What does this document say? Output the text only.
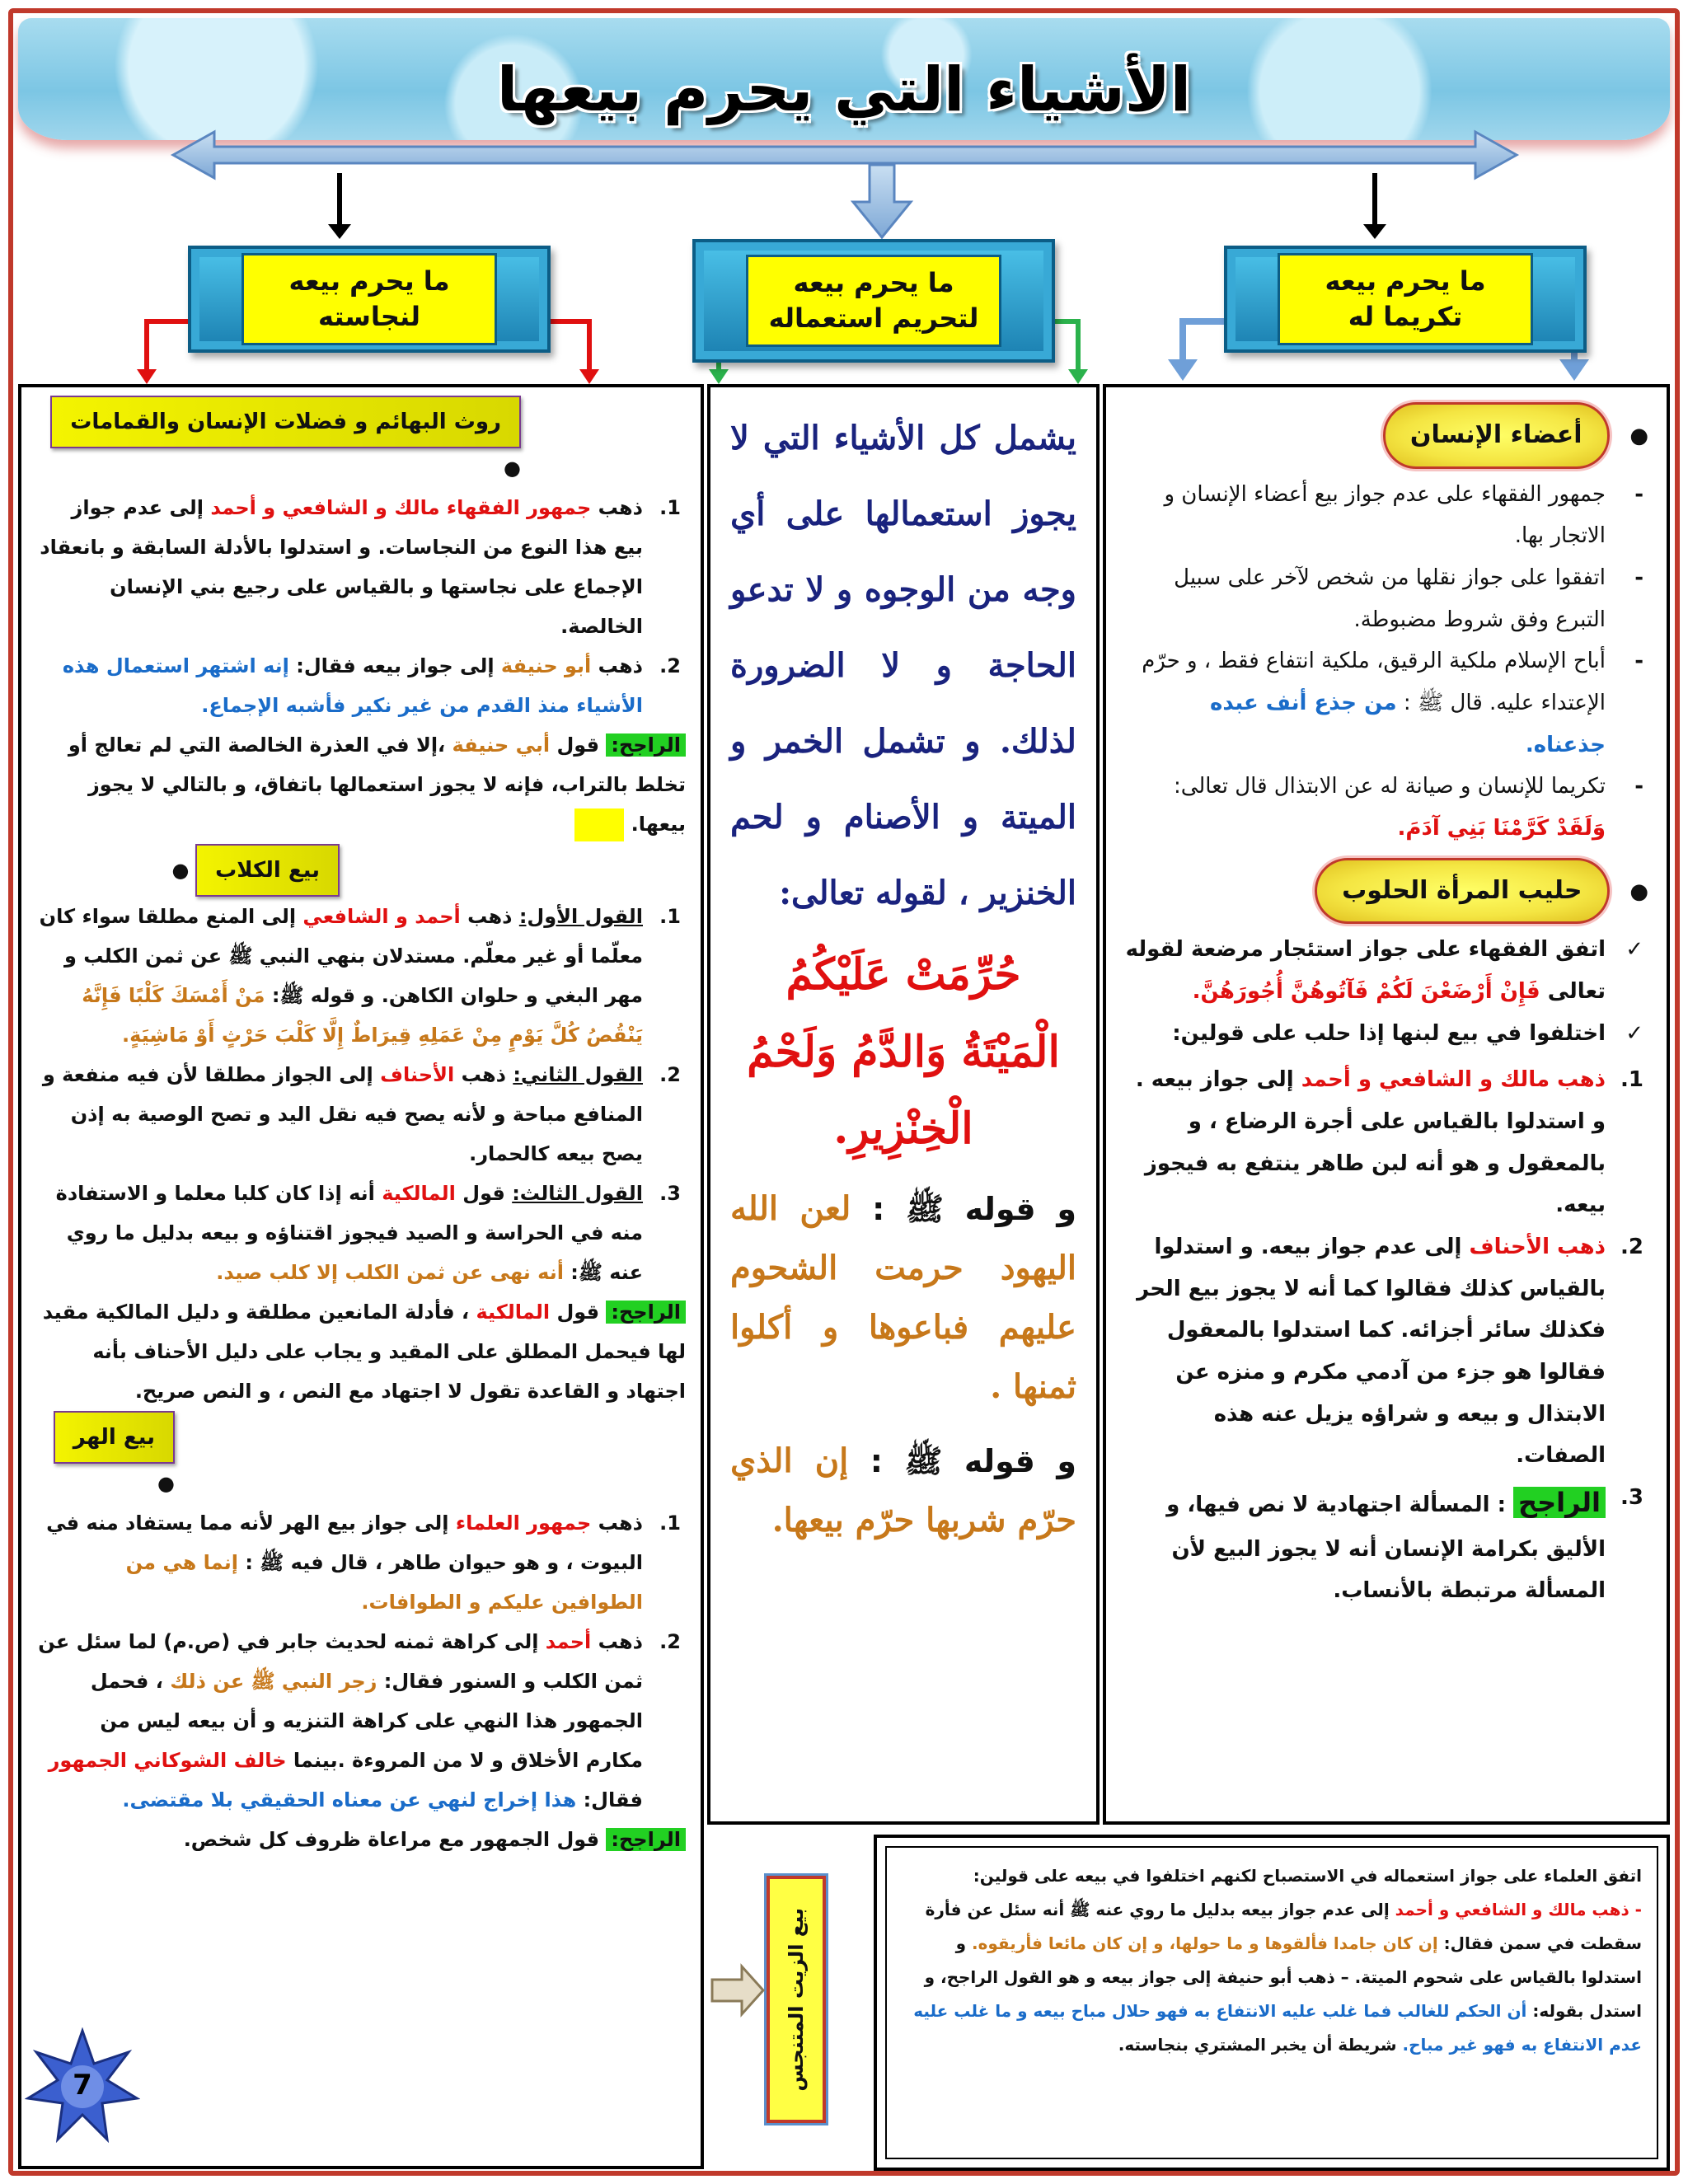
الأشياء التي يحرم بيعها
ما يحرم بيعه تكريما له
ما يحرم بيعه لتحريم استعماله
ما يحرم بيعه لنجاسته
●   أعضاء الإنسان
-
جمهور الفقهاء على عدم جواز بيع أعضاء الإنسان و الاتجار بها.
-
اتفقوا على جواز نقلها من شخص لآخر على سبيل التبرع وفق شروط مضبوطة.
-
أباح الإسلام ملكية الرقيق، ملكية انتفاع فقط ، و حرّم الإعتداء عليه. قال ﷺ : من جذع أنف عبده جذعناه.
-
تكريما للإنسان و صيانة له عن الابتذال قال تعالى:
وَلَقَدْ كَرَّمْنَا بَنِي آدَمَ.
●   حليب المرأة الحلوب
✓
اتفق الفقهاء على جواز استئجار مرضعة لقوله تعالى فَإِنْ أَرْضَعْنَ لَكُمْ فَآتُوهُنَّ أُجُورَهُنَّ.
✓
اختلفوا في بيع لبنها إذا حلب على قولين:
1.
ذهب مالك و الشافعي و أحمد إلى جواز بيعه . و استدلوا بالقياس على أجرة الرضاع ، و بالمعقول و هو أنه لبن طاهر ينتفع به فيجوز بيعه.
2.
ذهب الأحناف إلى عدم جواز بيعه. و استدلوا بالقياس كذلك فقالوا كما أنه لا يجوز بيع الحر فكذلك سائر أجزائه. كما استدلوا بالمعقول فقالوا هو جزء من آدمي مكرم و منزه عن الابتذال و بيعه و شراؤه يزيل عنه هذه الصفات.
3.
الراجح : المسألة اجتهادية لا نص فيها، و الأليق بكرامة الإنسان أنه لا يجوز البيع لأن المسألة مرتبطة بالأنساب.
يشمل كل الأشياء التي لا يجوز استعمالها على أي وجه من الوجوه و لا تدعو الحاجة و لا الضرورة لذلك. و تشمل الخمر و الميتة و الأصنام و لحم الخنزير ، لقوله تعالى:
حُرِّمَتْ عَلَيْكُمُ الْمَيْتَةُ وَالدَّمُ وَلَحْمُ الْخِنْزِيرِ.
و قوله ﷺ : لعن الله اليهود حرمت الشحوم عليهم فباعوها و أكلوا ثمنها .
و قوله ﷺ : إن الذي حرّم شربها حرّم بيعها.
روث البهائم و فضلات الإنسان والقمامات ●
1.
ذهب جمهور الفقهاء مالك و الشافعي و أحمد إلى عدم جواز بيع هذا النوع من النجاسات. و استدلوا بالأدلة السابقة و بانعقاد الإجماع على نجاستها و بالقياس على رجيع بني الإنسان الخالصة.
2.
ذهب أبو حنيفة إلى جواز بيعه فقال: إنه اشتهر استعمال هذه الأشياء منذ القدم من غير نكير فأشبه الإجماع.
الراجح: قول أبي حنيفة ،إلا في العذرة الخالصة التي لم تعالج أو تخلط بالتراب، فإنه لا يجوز استعمالها باتفاق، و بالتالي لا يجوز بيعها.
بيع الكلاب ●
1.
القول الأول: ذهب أحمد و الشافعي إلى المنع مطلقا سواء كان معلّما أو غير معلّم. مستدلان بنهي النبي ﷺ عن ثمن الكلب و مهر البغي و حلوان الكاهن. و قوله ﷺ: مَنْ أَمْسَكَ كَلْبًا فَإِنَّهُ يَنْقُصُ كُلَّ يَوْمٍ مِنْ عَمَلِهِ قِيرَاطٌ إِلَّا كَلْبَ حَرْثٍ أَوْ مَاشِيَةٍ.
2.
القول الثاني: ذهب الأحناف إلى الجواز مطلقا لأن فيه منفعة و المنافع مباحة و لأنه يصح فيه نقل اليد و تصح الوصية به إذن يصح بيعه كالحمار.
3.
القول الثالث: قول المالكية أنه إذا كان كلبا معلما و الاستفادة منه في الحراسة و الصيد فيجوز اقتناؤه و بيعه بدليل ما روي عنه ﷺ: أنه نهى عن ثمن الكلب إلا كلب صيد.
الراجح: قول المالكية ، فأدلة المانعين مطلقة و دليل المالكية مقيد لها فيحمل المطلق على المقيد و يجاب على دليل الأحناف بأنه اجتهاد و القاعدة تقول لا اجتهاد مع النص ، و النص صريح.
بيع الهر ●
1.
ذهب جمهور العلماء إلى جواز بيع الهر لأنه مما يستفاد منه في البيوت ، و هو حيوان طاهر ، قال فيه ﷺ : إنما هي من الطوافين عليكم و الطوافات.
2.
ذهب أحمد إلى كراهة ثمنه لحديث جابر في (ص.م) لما سئل عن ثمن الكلب و السنور فقال: زجر النبي ﷺ عن ذلك ، فحمل الجمهور هذا النهي على كراهة التنزيه و أن بيعه ليس من مكارم الأخلاق و لا من المروءة .بينما خالف الشوكاني الجمهور فقال: هذا إخراج لنهي عن معناه الحقيقي بلا مقتضى.
الراجح: قول الجمهور مع مراعاة ظروف كل شخص.
اتفق العلماء على جواز استعماله في الاستصباح لكنهم اختلفوا في بيعه على قولين:
- ذهب مالك و الشافعي و أحمد إلى عدم جواز بيعه بدليل ما روي عنه ﷺ أنه سئل عن فأرة سقطت في سمن فقال: إن كان جامدا فألقوها و ما حولها، و إن كان مائعا فأريقوه. و استدلوا بالقياس على شحوم الميتة. – ذهب أبو حنيفة إلى جواز بيعه و هو القول الراجح، و استدل بقوله: أن الحكم للغالب فما غلب عليه الانتفاع به فهو حلال مباح بيعه و ما غلب عليه عدم الانتفاع به فهو غير مباح. شريطة أن يخبر المشتري بنجاسته.
بيع الزيت المتنجس
7
